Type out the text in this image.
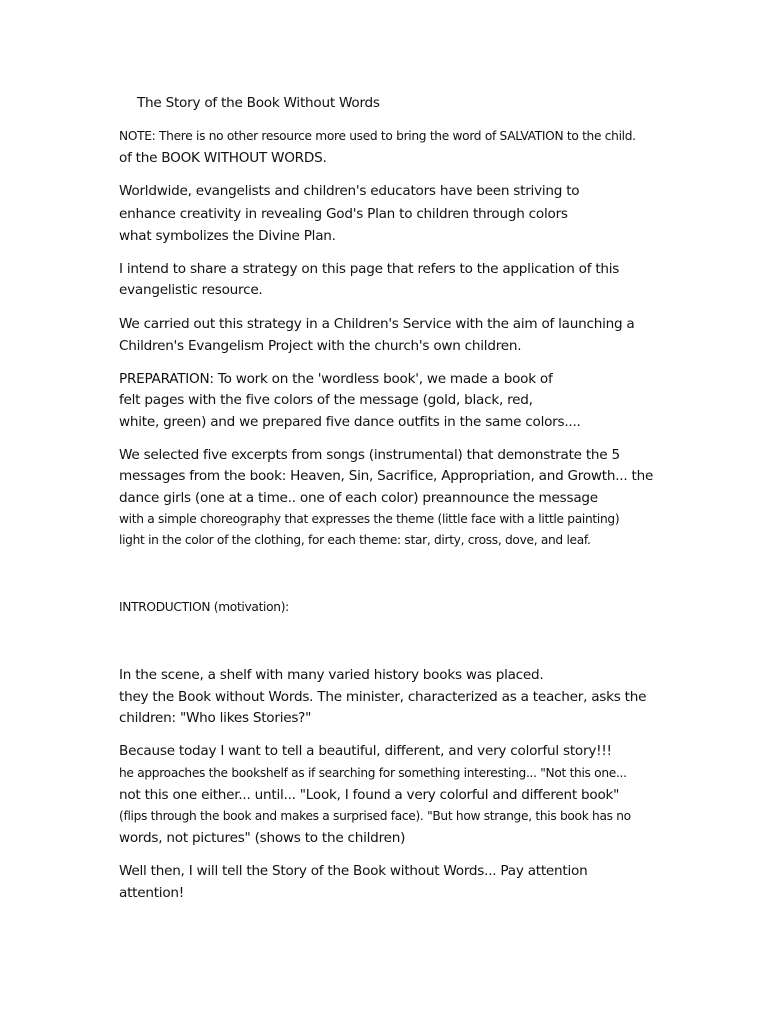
The Story of the Book Without Words
NOTE: There is no other resource more used to bring the word of SALVATION to the child.
of the BOOK WITHOUT WORDS.
Worldwide, evangelists and children's educators have been striving to
enhance creativity in revealing God's Plan to children through colors
what symbolizes the Divine Plan.
I intend to share a strategy on this page that refers to the application of this
evangelistic resource.
We carried out this strategy in a Children's Service with the aim of launching a
Children's Evangelism Project with the church's own children.
PREPARATION: To work on the 'wordless book', we made a book of
felt pages with the five colors of the message (gold, black, red,
white, green) and we prepared five dance outfits in the same colors....
We selected five excerpts from songs (instrumental) that demonstrate the 5
messages from the book: Heaven, Sin, Sacrifice, Appropriation, and Growth... the
dance girls (one at a time.. one of each color) preannounce the message
with a simple choreography that expresses the theme (little face with a little painting)
light in the color of the clothing, for each theme: star, dirty, cross, dove, and leaf.
INTRODUCTION (motivation):
In the scene, a shelf with many varied history books was placed.
they the Book without Words. The minister, characterized as a teacher, asks the
children: "Who likes Stories?"
Because today I want to tell a beautiful, different, and very colorful story!!!
he approaches the bookshelf as if searching for something interesting... "Not this one...
not this one either... until... "Look, I found a very colorful and different book"
(flips through the book and makes a surprised face). "But how strange, this book has no
words, not pictures" (shows to the children)
Well then, I will tell the Story of the Book without Words... Pay attention
attention!
